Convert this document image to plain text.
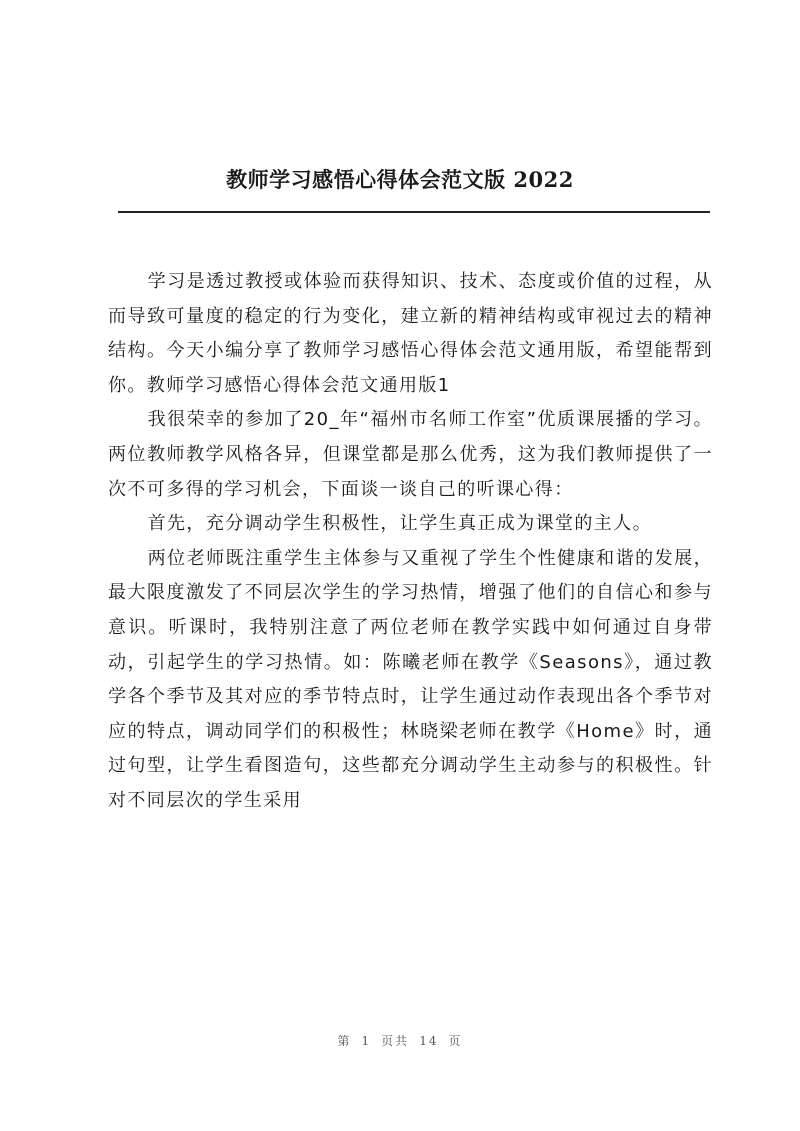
教师学习感悟心得体会范文版 2022

学习是透过教授或体验而获得知识、技术、态度或价值的过程，从而导致可量度的稳定的行为变化，建立新的精神结构或审视过去的精神结构。今天小编分享了教师学习感悟心得体会范文通用版，希望能帮到你。教师学习感悟心得体会范文通用版1

我很荣幸的参加了20_年“福州市名师工作室”优质课展播的学习。两位教师教学风格各异，但课堂都是那么优秀，这为我们教师提供了一次不可多得的学习机会，下面谈一谈自己的听课心得：

首先，充分调动学生积极性，让学生真正成为课堂的主人。

两位老师既注重学生主体参与又重视了学生个性健康和谐的发展，最大限度激发了不同层次学生的学习热情，增强了他们的自信心和参与意识。听课时，我特别注意了两位老师在教学实践中如何通过自身带动，引起学生的学习热情。如：陈曦老师在教学《Seasons》，通过教学各个季节及其对应的季节特点时，让学生通过动作表现出各个季节对应的特点，调动同学们的积极性；林晓梁老师在教学《Home》时，通过句型，让学生看图造句，这些都充分调动学生主动参与的积极性。针对不同层次的学生采用

第 1 页共 14 页
